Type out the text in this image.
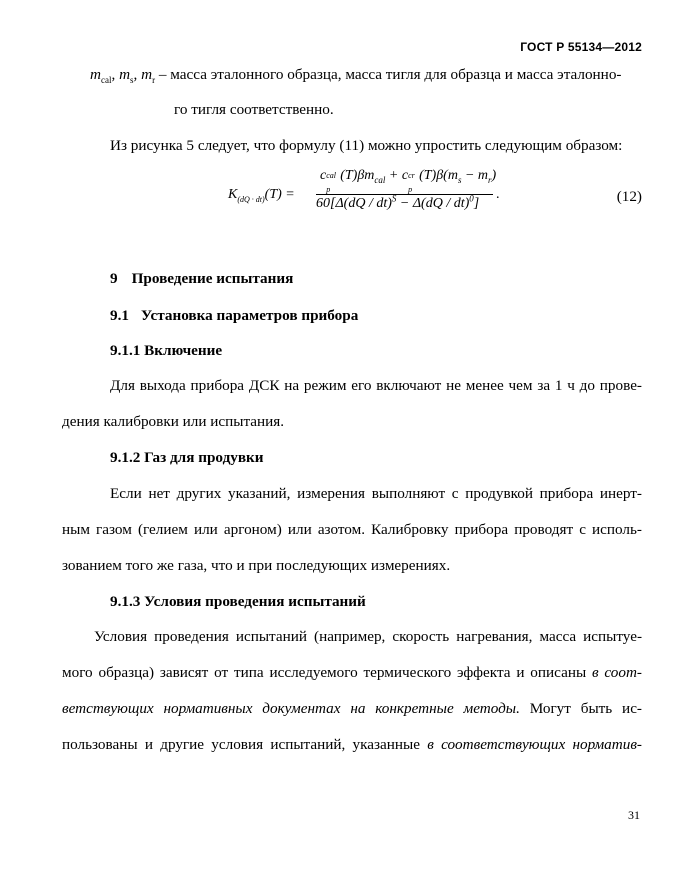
ГОСТ Р 55134—2012
$m_{cal}$, $m_s$, $m_r$ – масса эталонного образца, масса тигля для образца и масса эталонно-
го тигля соответственно.
Из рисунка 5 следует, что формулу (11) можно упростить следующим образом:
$K_{(dQ \cdot dt)}(T)$ =
c cal
p
$(T)\beta m_{cal} + c$ cr
p
$(T)\beta(m_s - m_r)$
60[Δ(dQ / dt)$^S$ − Δ(dQ / dt)$^0$]
.	(12)
9 Проведение испытания
9.1 Установка параметров прибора
9.1.1 Включение
Для выхода прибора ДСК на режим его включают не менее чем за 1 ч до прове-
дения калибровки или испытания.
9.1.2 Газ для продувки
Если нет других указаний, измерения выполняют с продувкой прибора инерт-
ным газом (гелием или аргоном) или азотом. Калибровку прибора проводят с исполь-
зованием того же газа, что и при последующих измерениях.
9.1.3 Условия проведения испытаний
Условия проведения испытаний (например, скорость нагревания, масса испытуе-
мого образца) зависят от типа исследуемого термического эффекта и описаны в соот-
ветствующих нормативных документах на конкретные методы. Могут быть ис-
пользованы и другие условия испытаний, указанные в соответствующих норматив-
31
